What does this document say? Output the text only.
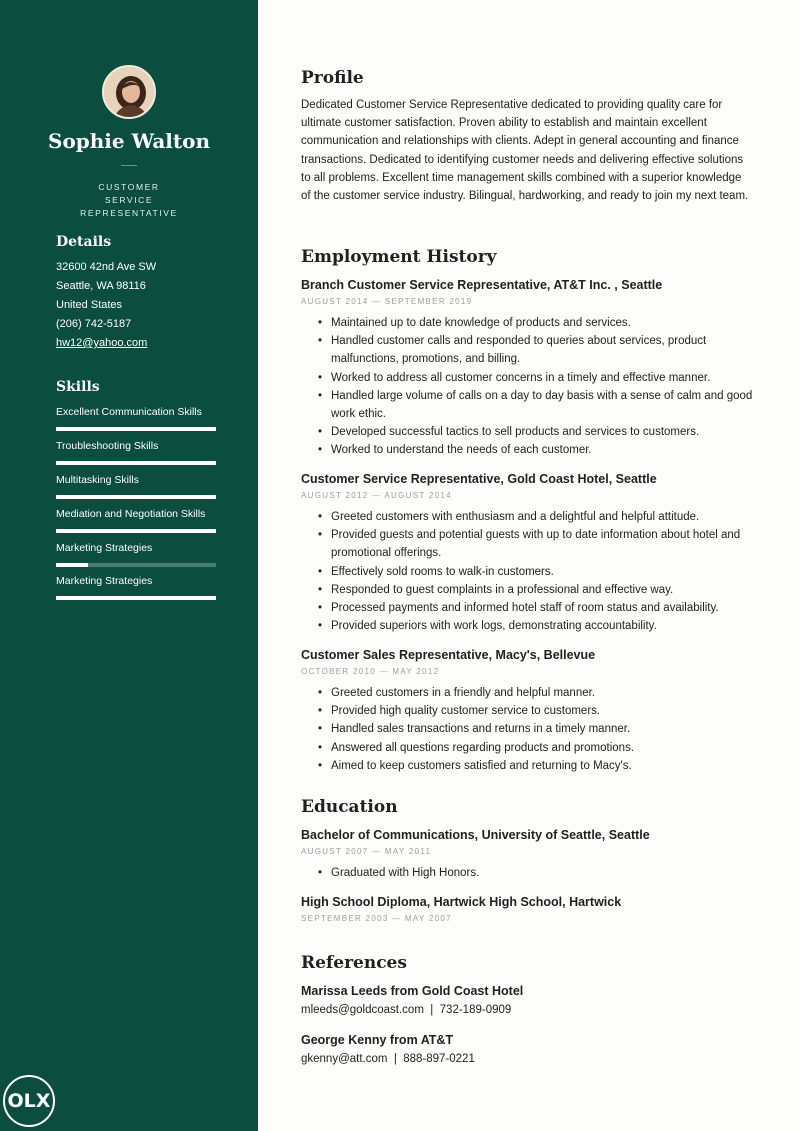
Sophie Walton
CUSTOMER SERVICE REPRESENTATIVE
Details
32600 42nd Ave SW
Seattle, WA 98116
United States
(206) 742-5187
hw12@yahoo.com
Skills
Excellent Communication Skills
Troubleshooting Skills
Multitasking Skills
Mediation and Negotiation Skills
Marketing Strategies
Marketing Strategies
Profile
Dedicated Customer Service Representative dedicated to providing quality care for ultimate customer satisfaction. Proven ability to establish and maintain excellent communication and relationships with clients. Adept in general accounting and finance transactions. Dedicated to identifying customer needs and delivering effective solutions to all problems. Excellent time management skills combined with a superior knowledge of the customer service industry. Bilingual, hardworking, and ready to join my next team.
Employment History
Branch Customer Service Representative, AT&T Inc. , Seattle
AUGUST 2014 — SEPTEMBER 2019
• Maintained up to date knowledge of products and services.
• Handled customer calls and responded to queries about services, product malfunctions, promotions, and billing.
• Worked to address all customer concerns in a timely and effective manner.
• Handled large volume of calls on a day to day basis with a sense of calm and good work ethic.
• Developed successful tactics to sell products and services to customers.
• Worked to understand the needs of each customer.
Customer Service Representative, Gold Coast Hotel, Seattle
AUGUST 2012 — AUGUST 2014
• Greeted customers with enthusiasm and a delightful and helpful attitude.
• Provided guests and potential guests with up to date information about hotel and promotional offerings.
• Effectively sold rooms to walk-in customers.
• Responded to guest complaints in a professional and effective way.
• Processed payments and informed hotel staff of room status and availability.
• Provided superiors with work logs, demonstrating accountability.
Customer Sales Representative, Macy's, Bellevue
OCTOBER 2010 — MAY 2012
• Greeted customers in a friendly and helpful manner.
• Provided high quality customer service to customers.
• Handled sales transactions and returns in a timely manner.
• Answered all questions regarding products and promotions.
• Aimed to keep customers satisfied and returning to Macy's.
Education
Bachelor of Communications, University of Seattle, Seattle
AUGUST 2007 — MAY 2011
• Graduated with High Honors.
High School Diploma, Hartwick High School, Hartwick
SEPTEMBER 2003 — MAY 2007
References
Marissa Leeds from Gold Coast Hotel
mleeds@goldcoast.com  |  732-189-0909
George Kenny from AT&T
gkenny@att.com  |  888-897-0221
OLX
